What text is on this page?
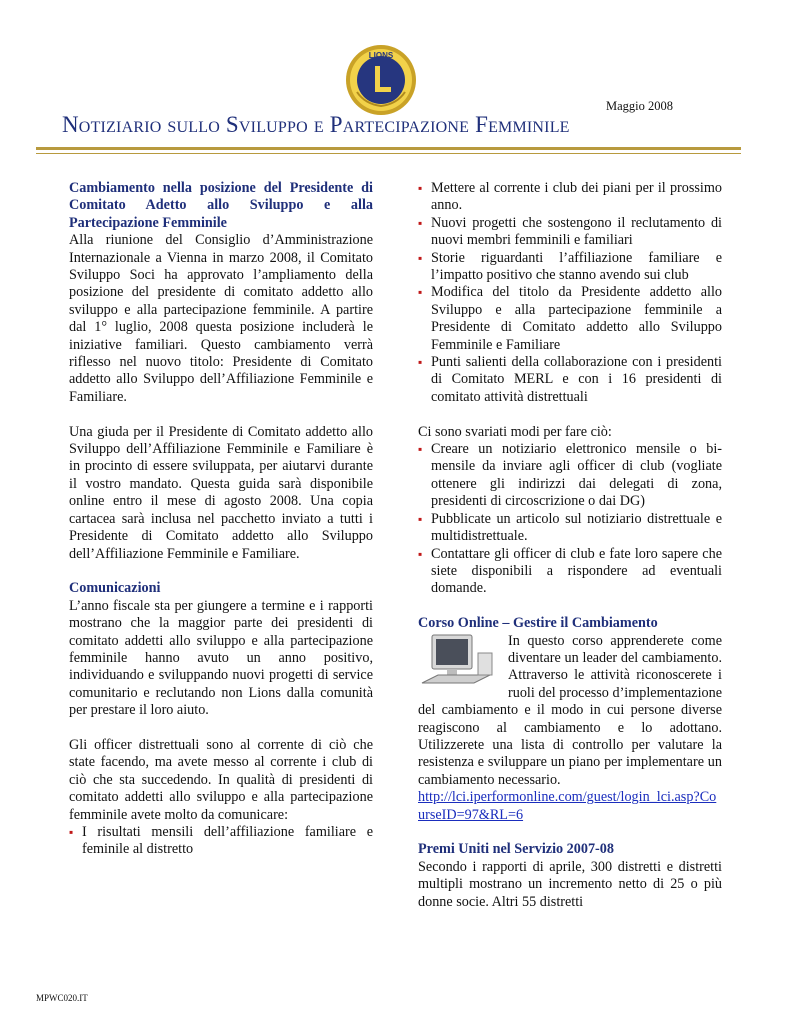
LIONS
Maggio 2008
Notiziario sullo Sviluppo e Partecipazione Femminile

Cambiamento nella posizione del Presidente di Comitato Adetto allo Sviluppo e alla Partecipazione Femminile

Alla riunione del Consiglio d’Amministrazione Internazionale a Vienna in marzo 2008, il Comitato Sviluppo Soci ha approvato l’ampliamento della posizione del presidente di comitato addetto allo sviluppo e alla partecipazione femminile. A partire dal 1° luglio, 2008 questa posizione includerà le iniziative familiari. Questo cambiamento verrà riflesso nel nuovo titolo: Presidente di Comitato addetto allo Sviluppo dell’Affiliazione Femminile e Familiare.

Una giuda per il Presidente di Comitato addetto allo Sviluppo dell’Affiliazione Femminile e Familiare è in procinto di essere sviluppata, per aiutarvi durante il vostro mandato. Questa guida sarà disponibile online entro il mese di agosto 2008. Una copia cartacea sarà inclusa nel pacchetto inviato a tutti i Presidente di Comitato addetto allo Sviluppo dell’Affiliazione Femminile e Familiare.

Comunicazioni

L’anno fiscale sta per giungere a termine e i rapporti mostrano che la maggior parte dei presidenti di comitato addetti allo sviluppo e alla partecipazione femminile hanno avuto un anno positivo, individuando e sviluppando nuovi progetti di service comunitario e reclutando non Lions dalla comunità per prestare il loro aiuto.

Gli officer distrettuali sono al corrente di ciò che state facendo, ma avete messo al corrente i club di ciò che sta succedendo. In qualità di presidenti di comitato addetti allo sviluppo e alla partecipazione femminile avete molto da comunicare:

▪ I risultati mensili dell’affiliazione familiare e feminile al distretto
▪ Mettere al corrente i club dei piani per il prossimo anno.
▪ Nuovi progetti che sostengono il reclutamento di nuovi membri femminili e familiari
▪ Storie riguardanti l’affiliazione familiare e l’impatto positivo che stanno avendo sui club
▪ Modifica del titolo da Presidente addetto allo Sviluppo e alla partecipazione femminile a Presidente di Comitato addetto allo Sviluppo Femminile e Familiare
▪ Punti salienti della collaborazione con i presidenti di Comitato MERL e con i 16 presidenti di comitato attività distrettuali

Ci sono svariati modi per fare ciò:

▪ Creare un notiziario elettronico mensile o bi-mensile da inviare agli officer di club (vogliate ottenere gli indirizzi dai delegati di zona, presidenti di circoscrizione o dai DG)
▪ Pubblicate un articolo sul notiziario distrettuale e multidistrettuale.
▪ Contattare gli officer di club e fate loro sapere che siete disponibili a rispondere ad eventuali domande.

Corso Online – Gestire il Cambiamento

In questo corso apprenderete come diventare un leader del cambiamento. Attraverso le attività riconoscerete i ruoli del processo d’implementazione del cambiamento e il modo in cui persone diverse reagiscono al cambiamento e lo adottano. Utilizzerete una lista di controllo per valutare la resistenza e sviluppare un piano per implementare un cambiamento necessario.

http://lci.iperformonline.com/guest/login_lci.asp?CourseID=97&RL=6

Premi Uniti nel Servizio 2007-08

Secondo i rapporti di aprile, 300 distretti e distretti multipli mostrano un incremento netto di 25 o più donne socie. Altri 55 distretti

MPWC020.IT
